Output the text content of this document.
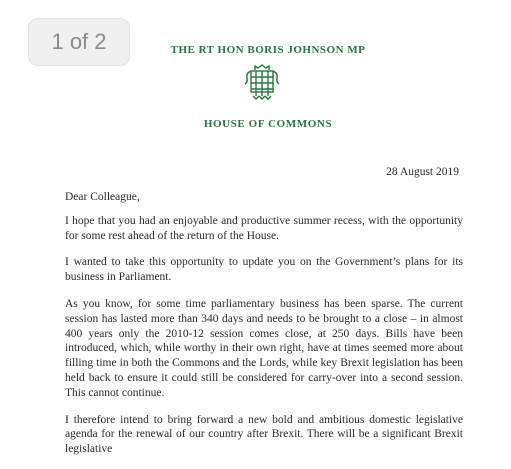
1 of 2	THE RT HON BORIS JOHNSON MP
HOUSE OF COMMONS
28 August 2019

Dear Colleague,

I hope that you had an enjoyable and productive summer recess, with the opportunity for some rest ahead of the return of the House.

I wanted to take this opportunity to update you on the Government’s plans for its business in Parliament.

As you know, for some time parliamentary business has been sparse. The current session has lasted more than 340 days and needs to be brought to a close – in almost 400 years only the 2010-12 session comes close, at 250 days. Bills have been introduced, which, while worthy in their own right, have at times seemed more about filling time in both the Commons and the Lords, while key Brexit legislation has been held back to ensure it could still be considered for carry-over into a second session. This cannot continue.

I therefore intend to bring forward a new bold and ambitious domestic legislative agenda for the renewal of our country after Brexit. There will be a significant Brexit legislative
